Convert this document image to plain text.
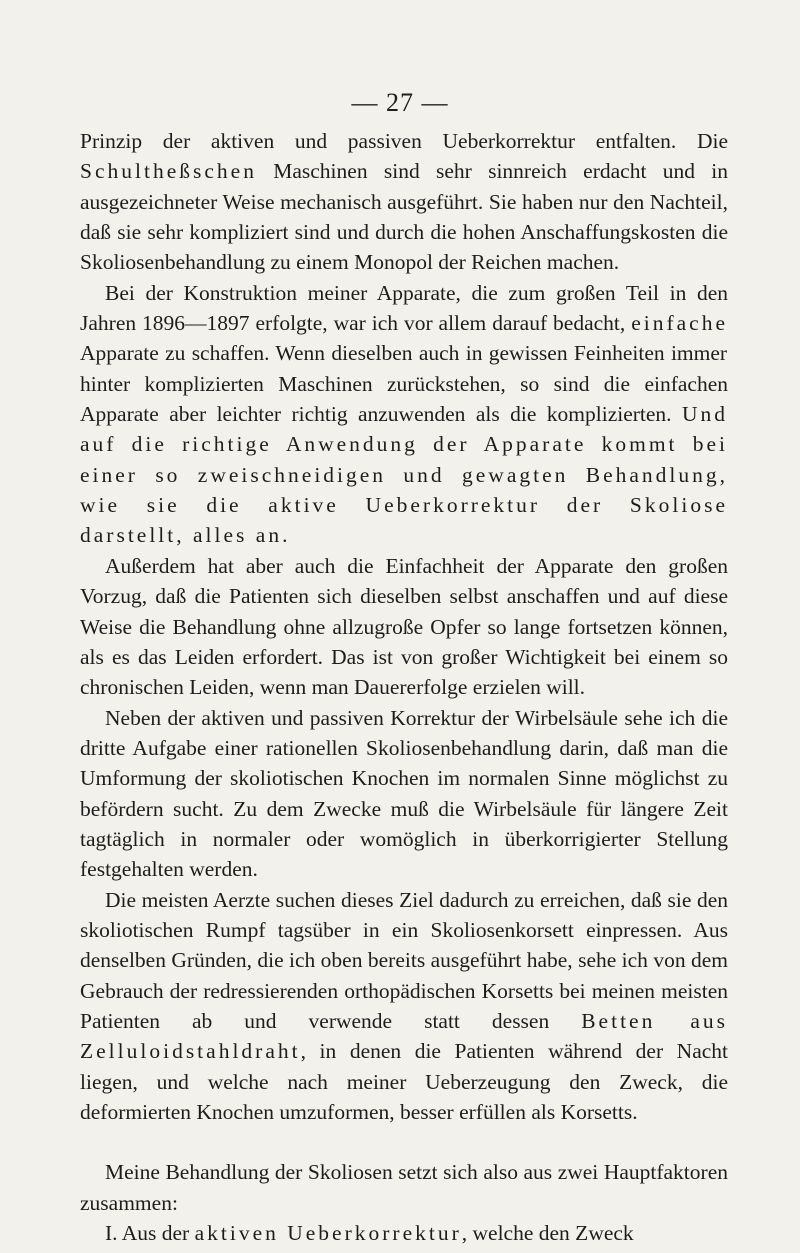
— 27 —

Prinzip der aktiven und passiven Ueberkorrektur entfalten. Die Schultheßschen Maschinen sind sehr sinnreich erdacht und in ausgezeichneter Weise mechanisch ausgeführt. Sie haben nur den Nachteil, daß sie sehr kompliziert sind und durch die hohen Anschaffungskosten die Skoliosenbehandlung zu einem Monopol der Reichen machen.

Bei der Konstruktion meiner Apparate, die zum großen Teil in den Jahren 1896—1897 erfolgte, war ich vor allem darauf bedacht, einfache Apparate zu schaffen. Wenn dieselben auch in gewissen Feinheiten immer hinter komplizierten Maschinen zurückstehen, so sind die einfachen Apparate aber leichter richtig anzuwenden als die komplizierten. Und auf die richtige Anwendung der Apparate kommt bei einer so zweischneidigen und gewagten Behandlung, wie sie die aktive Ueberkorrektur der Skoliose darstellt, alles an.

Außerdem hat aber auch die Einfachheit der Apparate den großen Vorzug, daß die Patienten sich dieselben selbst anschaffen und auf diese Weise die Behandlung ohne allzugroße Opfer so lange fortsetzen können, als es das Leiden erfordert. Das ist von großer Wichtigkeit bei einem so chronischen Leiden, wenn man Dauererfolge erzielen will.

Neben der aktiven und passiven Korrektur der Wirbelsäule sehe ich die dritte Aufgabe einer rationellen Skoliosenbehandlung darin, daß man die Umformung der skoliotischen Knochen im normalen Sinne möglichst zu befördern sucht. Zu dem Zwecke muß die Wirbelsäule für längere Zeit tagtäglich in normaler oder womöglich in überkorrigierter Stellung festgehalten werden.

Die meisten Aerzte suchen dieses Ziel dadurch zu erreichen, daß sie den skoliotischen Rumpf tagsüber in ein Skoliosenkorsett einpressen. Aus denselben Gründen, die ich oben bereits ausgeführt habe, sehe ich von dem Gebrauch der redressierenden orthopädischen Korsetts bei meinen meisten Patienten ab und verwende statt dessen Betten aus Zelluloidstahldraht, in denen die Patienten während der Nacht liegen, und welche nach meiner Ueberzeugung den Zweck, die deformierten Knochen umzuformen, besser erfüllen als Korsetts.

Meine Behandlung der Skoliosen setzt sich also aus zwei Hauptfaktoren zusammen:

I. Aus der aktiven Ueberkorrektur, welche den Zweck
